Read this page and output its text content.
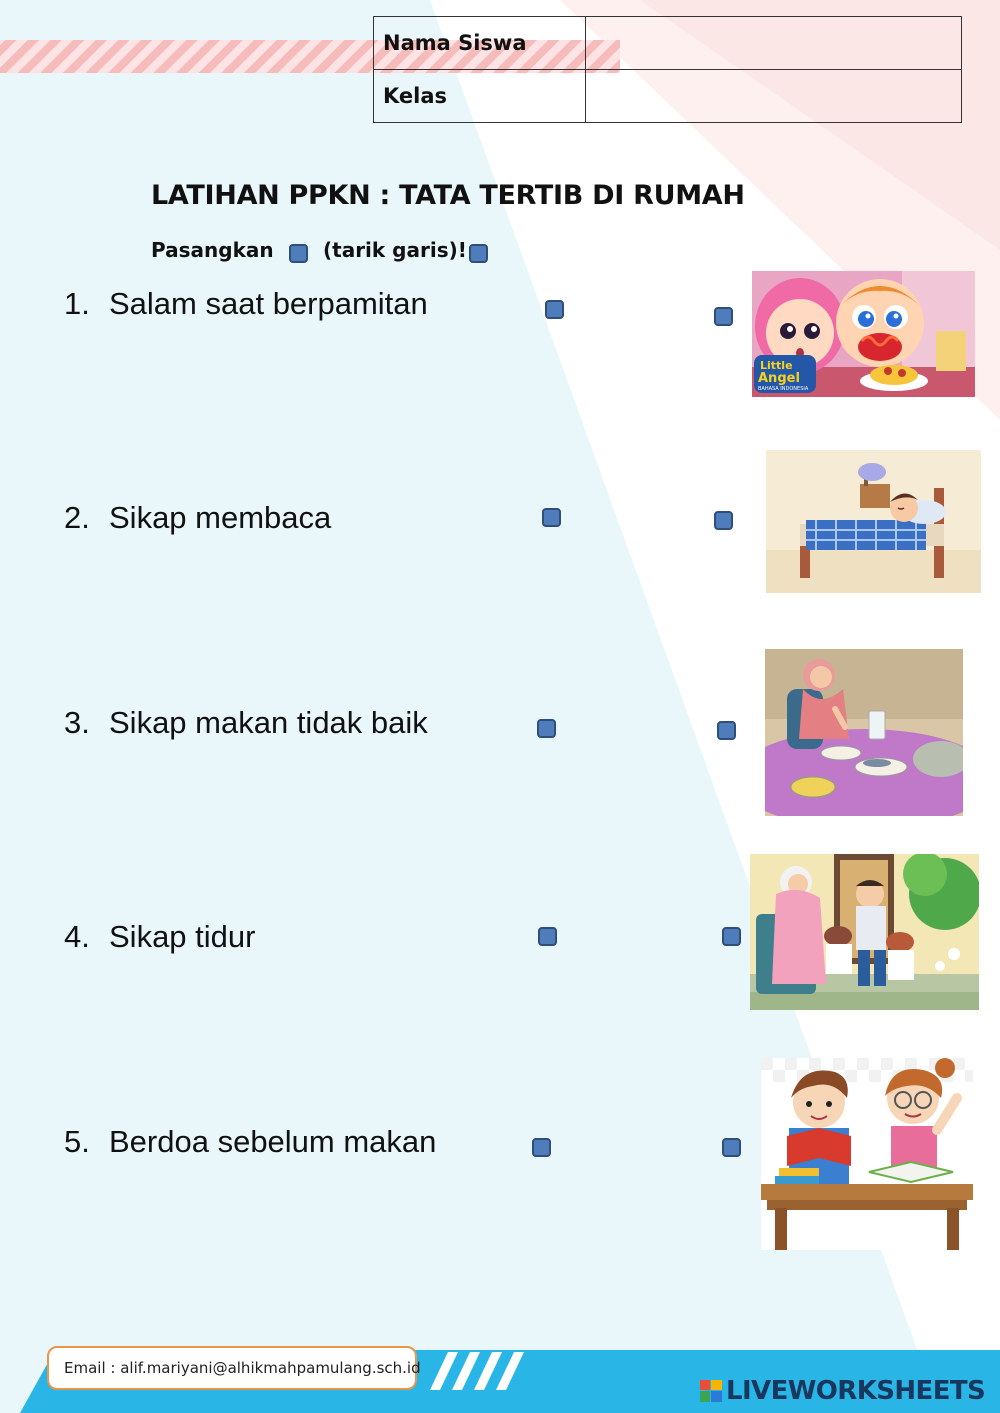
Nama Siswa	
Kelas	
LATIHAN PPKN : TATA TERTIB DI RUMAH
Pasangkan (tarik garis)!
1. Salam saat berpamitan
2. Sikap membaca
3. Sikap makan tidak baik
4. Sikap tidur
5. Berdoa sebelum makan
Little
Angel
BAHASA INDONESIA
Email : alif.mariyani@alhikmahpamulang.sch.id
LIVEWORKSHEETS
